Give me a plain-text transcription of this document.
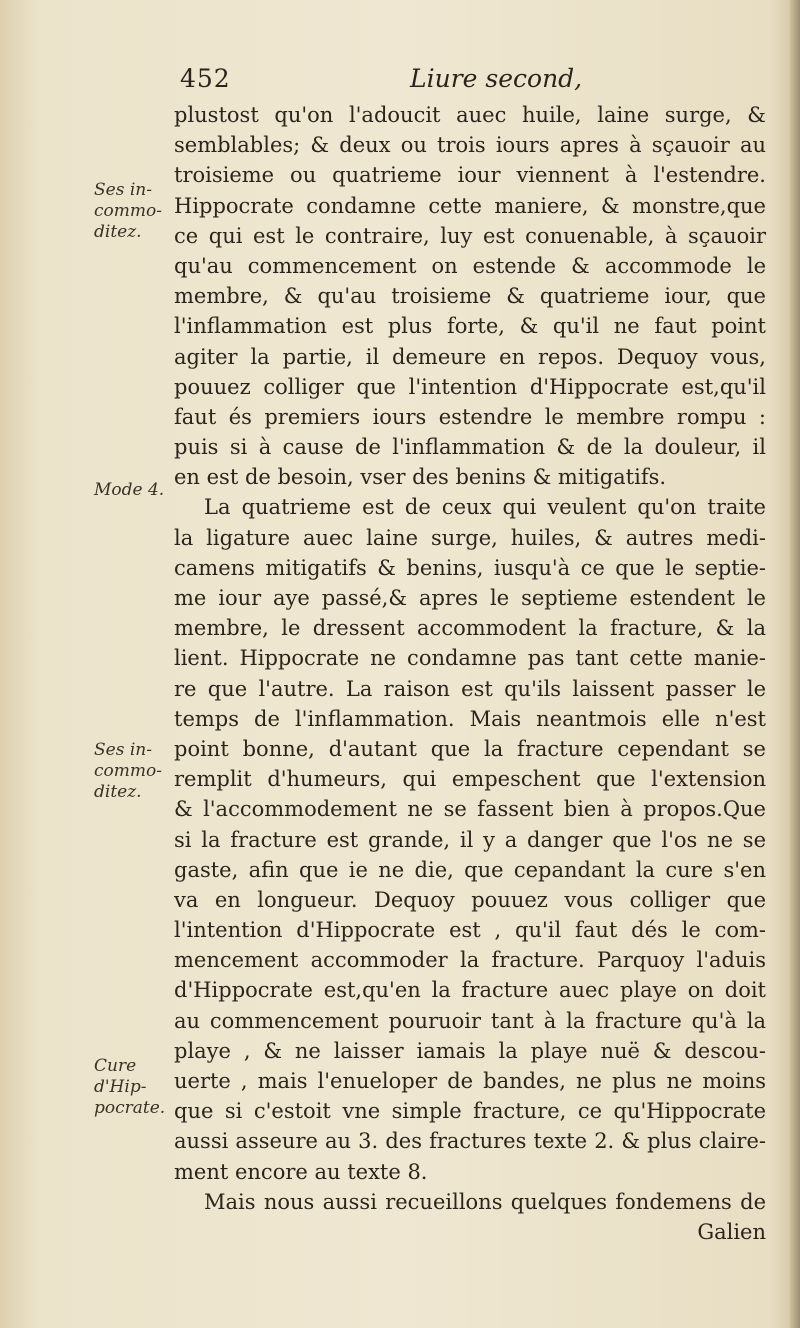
452	Liure second,
Ses in-
commo-
ditez.
Mode 4.
Ses in-
commo-
ditez.
Cure
d'Hip-
pocrate.
plustost qu'on l'adoucit auec huile, laine surge, &
semblables; & deux ou trois iours apres à sçauoir au
troisieme ou quatrieme iour viennent à l'estendre.
Hippocrate condamne cette maniere, & monstre,que
ce qui est le contraire, luy est conuenable, à sçauoir
qu'au commencement on estende & accommode le
membre, & qu'au troisieme & quatrieme iour, que
l'inflammation est plus forte, & qu'il ne faut point
agiter la partie, il demeure en repos. Dequoy vous,
pouuez colliger que l'intention d'Hippocrate est,qu'il
faut és premiers iours estendre le membre rompu :
puis si à cause de l'inflammation & de la douleur, il
en est de besoin, vser des benins & mitigatifs.
La quatrieme est de ceux qui veulent qu'on traite
la ligature auec laine surge, huiles, & autres medi-
camens mitigatifs & benins, iusqu'à ce que le septie-
me iour aye passé,& apres le septieme estendent le
membre, le dressent accommodent la fracture, & la
lient. Hippocrate ne condamne pas tant cette manie-
re que l'autre. La raison est qu'ils laissent passer le
temps de l'inflammation. Mais neantmois elle n'est
point bonne, d'autant que la fracture cependant se
remplit d'humeurs, qui empeschent que l'extension
& l'accommodement ne se fassent bien à propos.Que
si la fracture est grande, il y a danger que l'os ne se
gaste, afin que ie ne die, que cepandant la cure s'en
va en longueur. Dequoy pouuez vous colliger que
l'intention d'Hippocrate est , qu'il faut dés le com-
mencement accommoder la fracture. Parquoy l'aduis
d'Hippocrate est,qu'en la fracture auec playe on doit
au commencement pouruoir tant à la fracture qu'à la
playe , & ne laisser iamais la playe nuë & descou-
uerte , mais l'enueloper de bandes, ne plus ne moins
que si c'estoit vne simple fracture, ce qu'Hippocrate
aussi asseure au 3. des fractures texte 2. & plus claire-
ment encore au texte 8.
Mais nous aussi recueillons quelques fondemens de
Galien
